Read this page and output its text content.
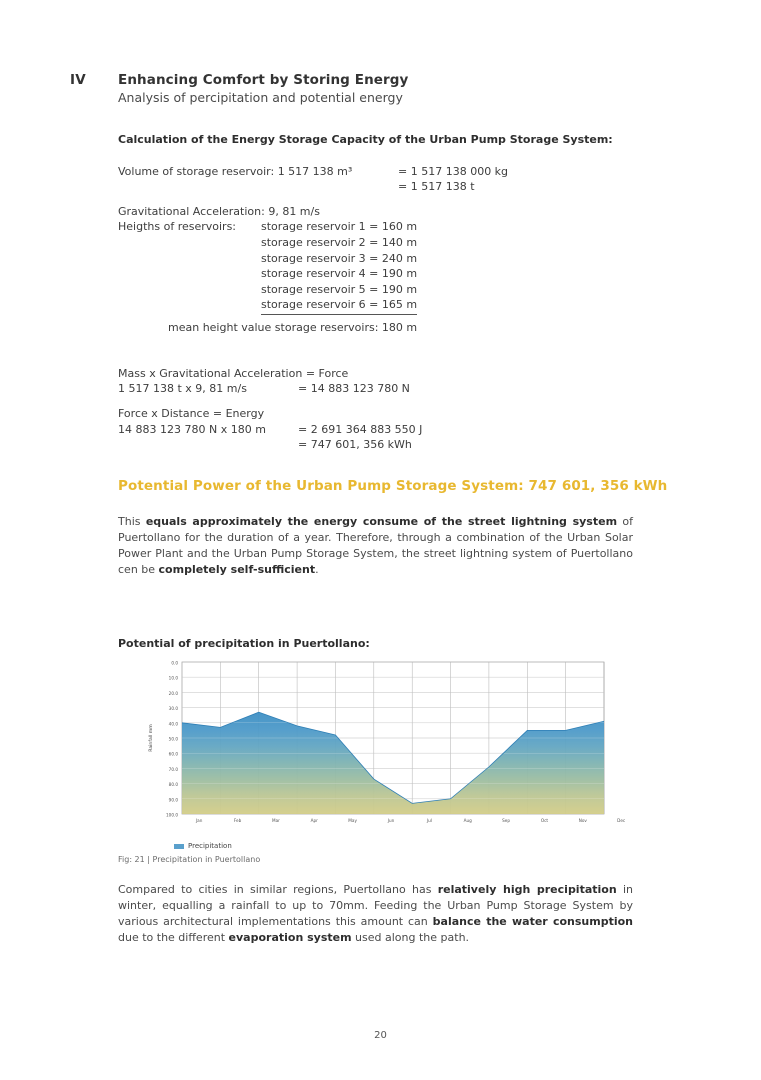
IV	Enhancing Comfort by Storing Energy
Analysis of percipitation and potential energy
Calculation of the Energy Storage Capacity of the Urban Pump Storage System:
Volume of storage reservoir: 1 517 138 m³	= 1 517 138 000 kg
= 1 517 138 t
Gravitational Acceleration: 9, 81 m/s
Heigths of reservoirs:	storage reservoir 1 = 160 m
storage reservoir 2 = 140 m
storage reservoir 3 = 240 m
storage reservoir 4 = 190 m
storage reservoir 5 = 190 m
storage reservoir 6 = 165 m
mean height value storage reservoirs: 180 m
Mass x Gravitational Acceleration = Force
1 517 138 t x 9, 81 m/s	= 14 883 123 780 N
Force x Distance = Energy
14 883 123 780 N x 180 m	= 2 691 364 883 550 J
= 747 601, 356 kWh
Potential Power of the Urban Pump Storage System: 747 601, 356 kWh
This equals approximately the energy consume of the street lightning system of Puertollano for the duration of a year. Therefore, through a combination of the Urban Solar Power Plant and the Urban Pump Storage System, the street lightning system of Puertollano cen be completely self-sufficient.
Potential of precipitation in Puertollano:
100.0
90.0
80.0
70.0
60.0
50.0
40.0
30.0
20.0
10.0
0.0
Jan	Feb	Mar	Apr	May	Jun	Jul	Aug	Sep	Oct	Nov	Dec
Rainfall mm
Precipitation
Fig: 21 | Precipitation in Puertollano
Compared to cities in similar regions, Puertollano has relatively high precipitation in winter, equalling a rainfall to up to 70mm. Feeding the Urban Pump Storage System by various architectural implementations this amount can balance the water consumption due to the different evaporation system used along the path.
20
